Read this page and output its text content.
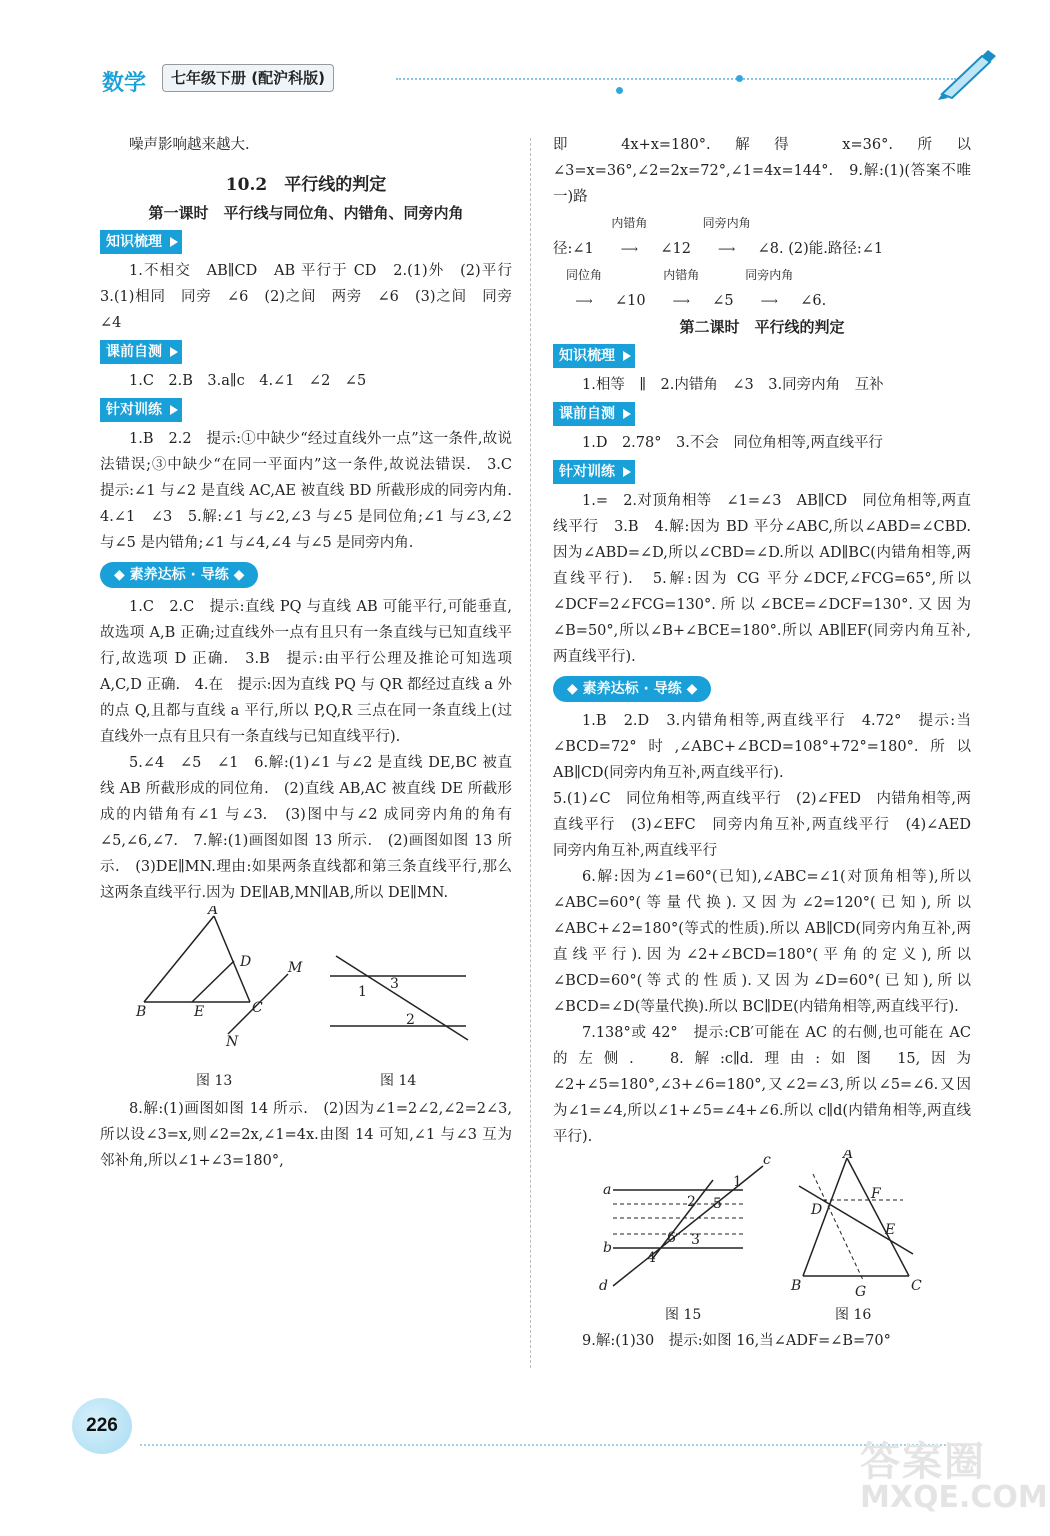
数学	七年级下册 (配沪科版)

噪声影响越来越大.

10.2　平行线的判定
第一课时　平行线与同位角、内错角、同旁内角
知识梳理

1.不相交　AB∥CD　AB 平行于 CD　2.(1)外　(2)平行　3.(1)相同　同旁　∠6　(2)之间　两旁　∠6　(3)之间　同旁　∠4

课前自测

1.C　2.B　3.a∥c　4.∠1　∠2　∠5

针对训练

1.B　2.2　提示:①中缺少“经过直线外一点”这一条件,故说法错误;③中缺少“在同一平面内”这一条件,故说法错误.　3.C　提示:∠1 与∠2 是直线 AC,AE 被直线 BD 所截形成的同旁内角.　4.∠1　∠3　5.解:∠1 与∠2,∠3 与∠5 是同位角;∠1 与∠3,∠2 与∠5 是内错角;∠1 与∠4,∠4 与∠5 是同旁内角.

◆ 素养达标 · 导练 ◆

1.C　2.C　提示:直线 PQ 与直线 AB 可能平行,可能垂直,故选项 A,B 正确;过直线外一点有且只有一条直线与已知直线平行,故选项 D 正确.　3.B　提示:由平行公理及推论可知选项 A,C,D 正确.　4.在　提示:因为直线 PQ 与 QR 都经过直线 a 外的点 Q,且都与直线 a 平行,所以 P,Q,R 三点在同一条直线上(过直线外一点有且只有一条直线与已知直线平行).

5.∠4　∠5　∠1　6.解:(1)∠1 与∠2 是直线 DE,BC 被直线 AB 所截形成的同位角.　(2)直线 AB,AC 被直线 DE 所截形成的内错角有∠1 与∠3.　(3)图中与∠2 成同旁内角的角有∠5,∠6,∠7.　7.解:(1)画图如图 13 所示.　(2)画图如图 13 所示.　(3)DE∥MN.理由:如果两条直线都和第三条直线平行,那么这两条直线平行.因为 DE∥AB,MN∥AB,所以 DE∥MN.

A
D	M
B	E	C
N
1 3
2
图 13	图 14

8.解:(1)画图如图 14 所示.　(2)因为∠1=2∠2,∠2=2∠3,所以设∠3=x,则∠2=2x,∠1=4x.由图 14 可知,∠1 与∠3 互为邻补角,所以∠1+∠3=180°,

即 4x+x=180°.解得 x=36°.所以∠3=x=36°,∠2=2x=72°,∠1=4x=144°.　9.解:(1)(答案不唯一)路

径:∠1 内错角
⟶ ∠12 同旁内角
⟶ ∠8. (2)能.路径:∠1

同位角
⟶ ∠10 内错角
⟶ ∠5 同旁内角
⟶ ∠6.

第二课时　平行线的判定
知识梳理

1.相等　∥　2.内错角　∠3　3.同旁内角　互补

课前自测

1.D　2.78°　3.不会　同位角相等,两直线平行

针对训练

1.=　2.对顶角相等　∠1=∠3　AB∥CD　同位角相等,两直线平行　3.B　4.解:因为 BD 平分∠ABC,所以∠ABD=∠CBD.因为∠ABD=∠D,所以∠CBD=∠D.所以 AD∥BC(内错角相等,两直线平行).　5.解:因为 CG 平分∠DCF,∠FCG=65°,所以∠DCF=2∠FCG=130°.所以∠BCE=∠DCF=130°.又因为∠B=50°,所以∠B+∠BCE=180°.所以 AB∥EF(同旁内角互补,两直线平行).

◆ 素养达标 · 导练 ◆

1.B　2.D　3.内错角相等,两直线平行　4.72°　提示:当∠BCD=72°时,∠ABC+∠BCD=108°+72°=180°.所以 AB∥CD(同旁内角互补,两直线平行).

5.(1)∠C　同位角相等,两直线平行　(2)∠FED　内错角相等,两直线平行　(3)∠EFC　同旁内角互补,两直线平行　(4)∠AED　同旁内角互补,两直线平行

6.解:因为∠1=60°(已知),∠ABC=∠1(对顶角相等),所以∠ABC=60°(等量代换).又因为∠2=120°(已知),所以∠ABC+∠2=180°(等式的性质).所以 AB∥CD(同旁内角互补,两直线平行).因为∠2+∠BCD=180°(平角的定义),所以∠BCD=60°(等式的性质).又因为∠D=60°(已知),所以∠BCD=∠D(等量代换).所以 BC∥DE(内错角相等,两直线平行).

7.138°或 42°　提示:CB′可能在 AC 的右侧,也可能在 AC 的左侧.　8.解:c∥d.理由:如图 15,因为∠2+∠5=180°,∠3+∠6=180°,又∠2=∠3,所以∠5=∠6.又因为∠1=∠4,所以∠1+∠5=∠4+∠6.所以 c∥d(内错角相等,两直线平行).

a
b
c
d
1
2 5
6 3
4
A
F
D
E
B	G	C
图 15	图 16

9.解:(1)30　提示:如图 16,当∠ADF=∠B=70°

226
答案圈
MXQE.COM
